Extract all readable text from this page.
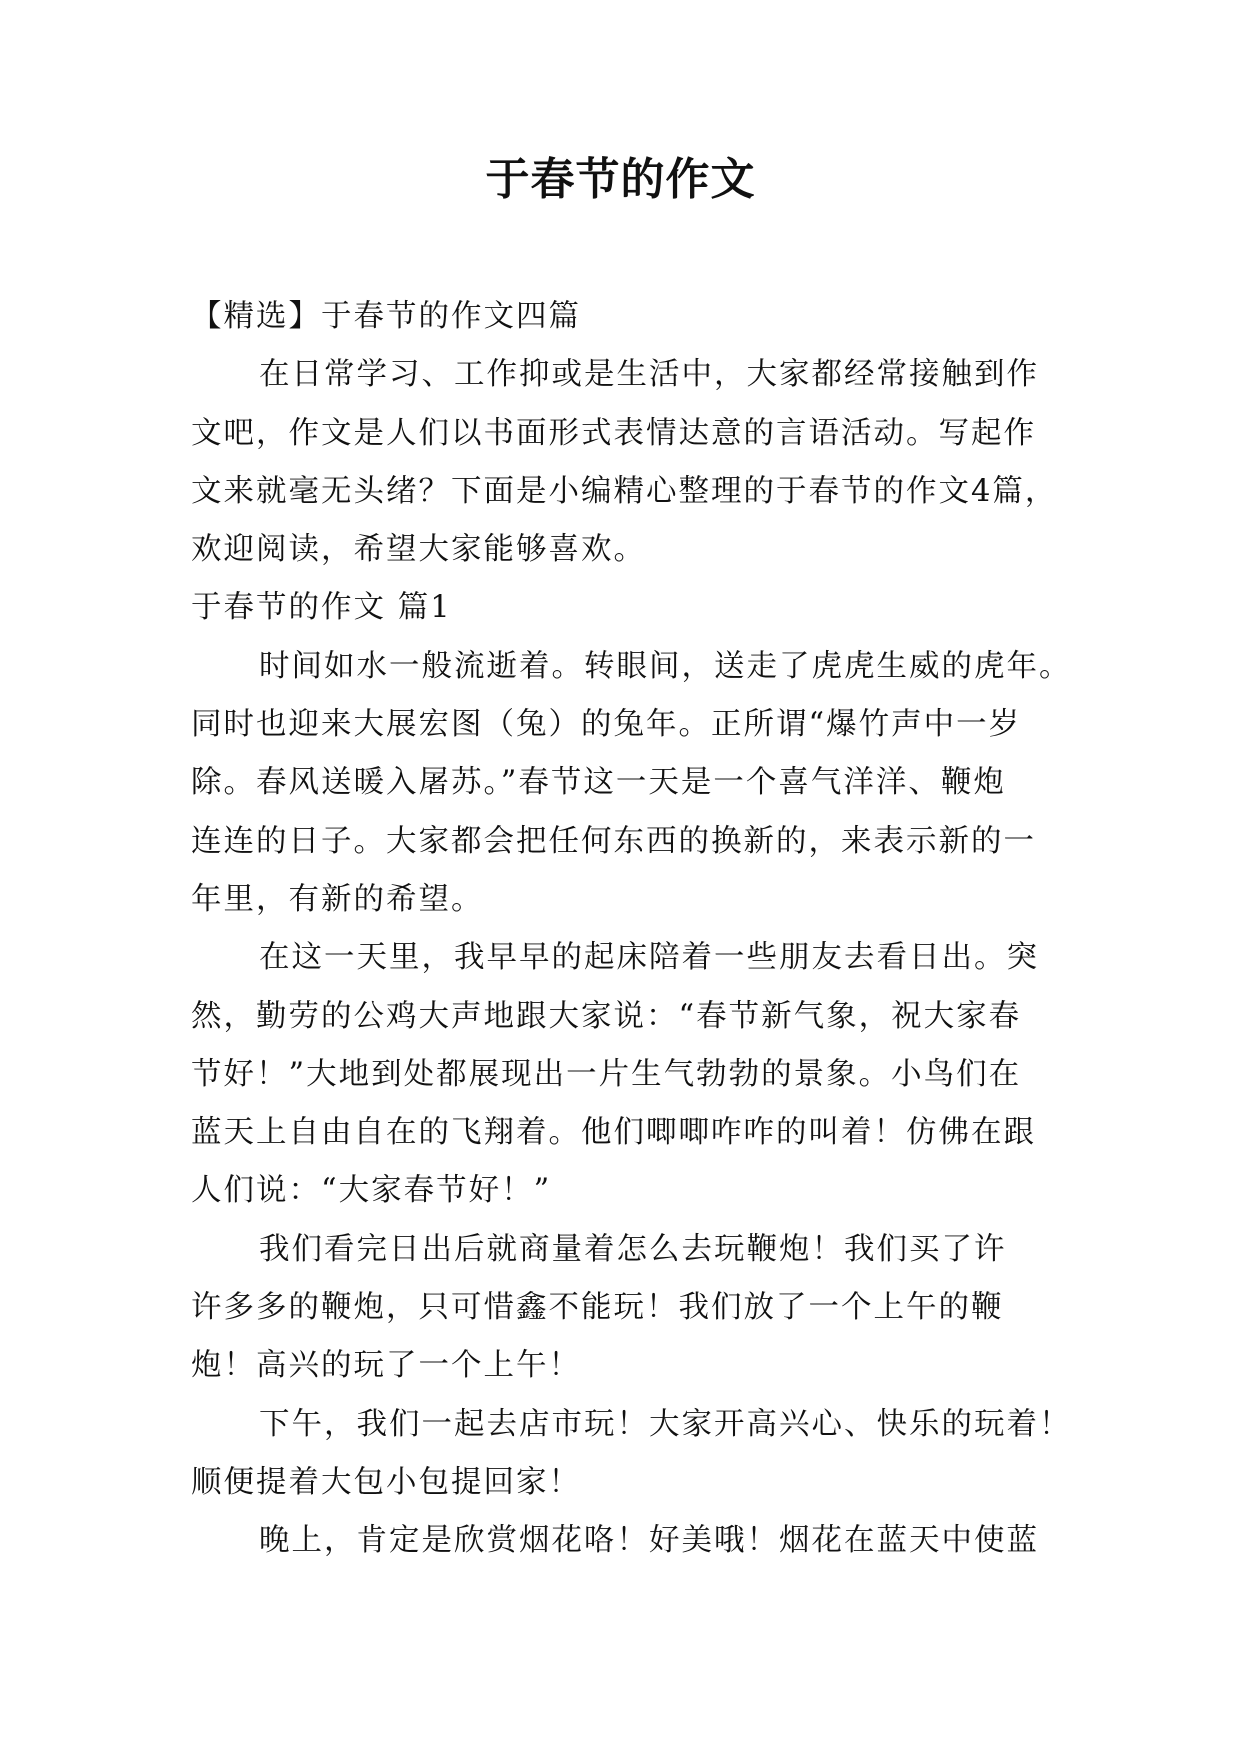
于春节的作文
【精选】于春节的作文四篇
在日常学习、工作抑或是生活中，大家都经常接触到作
文吧，作文是人们以书面形式表情达意的言语活动。写起作
文来就毫无头绪？下面是小编精心整理的于春节的作文4篇，
欢迎阅读，希望大家能够喜欢。
于春节的作文 篇1
时间如水一般流逝着。转眼间，送走了虎虎生威的虎年。
同时也迎来大展宏图（兔）的兔年。正所谓“爆竹声中一岁
除。春风送暖入屠苏。”春节这一天是一个喜气洋洋、鞭炮
连连的日子。大家都会把任何东西的换新的，来表示新的一
年里，有新的希望。
在这一天里，我早早的起床陪着一些朋友去看日出。突
然，勤劳的公鸡大声地跟大家说：“春节新气象，祝大家春
节好！”大地到处都展现出一片生气勃勃的景象。小鸟们在
蓝天上自由自在的飞翔着。他们唧唧咋咋的叫着！仿佛在跟
人们说：“大家春节好！”
我们看完日出后就商量着怎么去玩鞭炮！我们买了许
许多多的鞭炮，只可惜鑫不能玩！我们放了一个上午的鞭
炮！高兴的玩了一个上午！
下午，我们一起去店市玩！大家开高兴心、快乐的玩着！
顺便提着大包小包提回家！
晚上，肯定是欣赏烟花咯！好美哦！烟花在蓝天中使蓝
